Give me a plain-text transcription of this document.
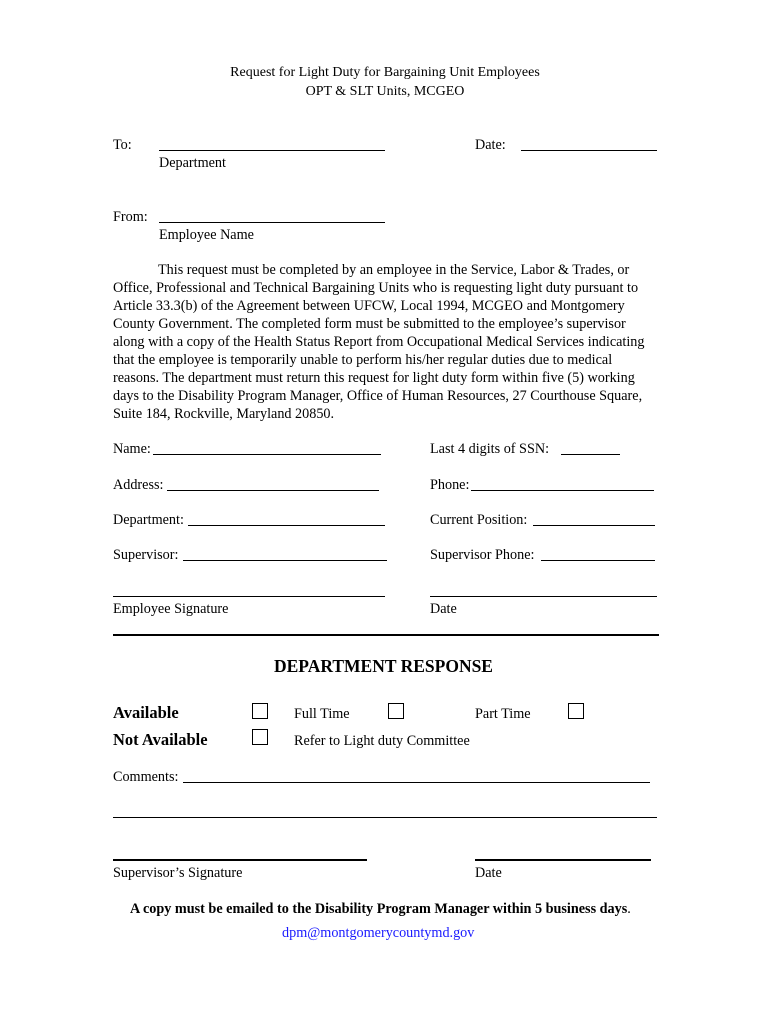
Request for Light Duty for Bargaining Unit Employees
OPT & SLT Units, MCGEO
To:
Department
Date:
From:
Employee Name
This request must be completed by an employee in the Service, Labor & Trades, or Office, Professional and Technical Bargaining Units who is requesting light duty pursuant to Article 33.3(b) of the Agreement between UFCW, Local 1994, MCGEO and Montgomery County Government. The completed form must be submitted to the employee’s supervisor along with a copy of the Health Status Report from Occupational Medical Services indicating that the employee is temporarily unable to perform his/her regular duties due to medical reasons. The department must return this request for light duty form within five (5) working days to the Disability Program Manager, Office of Human Resources, 27 Courthouse Square, Suite 184, Rockville, Maryland 20850.
Name:	Last 4 digits of SSN:
Address:	Phone:
Department:	Current Position:
Supervisor:	Supervisor Phone:
Employee Signature	Date
DEPARTMENT RESPONSE
Available	Full Time	Part Time
Not Available	Refer to Light duty Committee
Comments:
Supervisor’s Signature	Date
A copy must be emailed to the Disability Program Manager within 5 business days.
dpm@montgomerycountymd.gov
